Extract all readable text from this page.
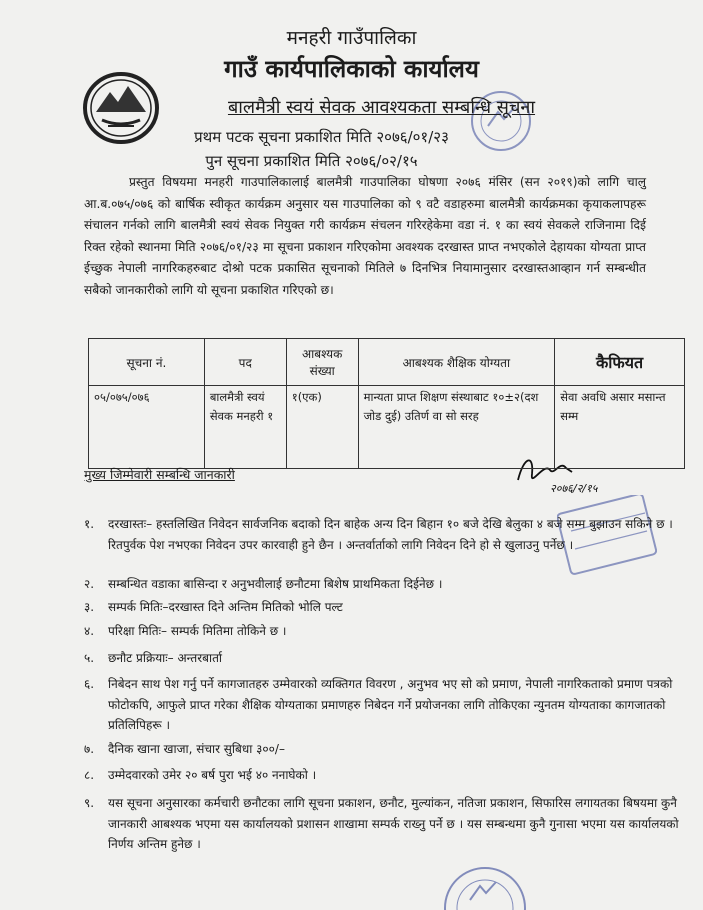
२०७६/२/१५
मनहरी गाउँपालिका
गाउँ कार्यपालिकाको कार्यालय
बालमैत्री स्वयं सेवक आवश्यकता सम्बन्धि सूचना
प्रथम पटक सूचना प्रकाशित मिति २०७६/०१/२३
पुन सूचना प्रकाशित मिति २०७६/०२/१५
प्रस्तुत विषयमा मनहरी गाउपालिकालाई बालमैत्री गाउपालिका घोषणा २०७६ मंसिर (सन २०१९)को लागि चालु आ.ब.०७५/०७६ को बार्षिक स्वीकृत कार्यक्रम अनुसार यस गाउपालिका को ९ वटै वडाहरुमा बालमैत्री कार्यक्रमका कृयाकलापहरू संचालन गर्नको लागि बालमैत्री स्वयं सेवक नियुक्त गरी कार्यक्रम संचलन गरिरहेकेमा वडा नं. १ का स्वयं सेवकले राजिनामा दिई रिक्त रहेको स्थानमा मिति २०७६/०१/२३ मा सूचना प्रकाशन गरिएकोमा अवश्यक दरखास्त प्राप्त नभएकोले देहायका योग्यता प्राप्त ईच्छुक नेपाली नागरिकहरुबाट दोश्रो पटक प्रकासित सूचनाको मितिले ७ दिनभित्र नियामानुसार दरखास्तआव्हान गर्न सम्बन्धीत सबैको जानकारीको लागि यो सूचना प्रकाशित गरिएको छ।
सूचना नं.	पद	आबश्यक संख्या	आबश्यक शैक्षिक योग्यता	कैफियत
०५/०७५/०७६	बालमैत्री स्वयं सेवक मनहरी १	१(एक)	मान्यता प्राप्त शिक्षण संस्थाबाट १०±२(दश जोड दुई) उतिर्ण वा सो सरह	सेवा अवधि असार मसान्त सम्म
मुख्य जिम्मेवारी सम्बन्धि जानकारी
१. दरखास्तः– हस्तलिखित निवेदन सार्वजनिक बदाको दिन बाहेक अन्य दिन बिहान १० बजे देखि बेलुका ४ बजे सम्म बुझाउन सकिने छ । रितपुर्वक पेश नभएका निवेदन उपर कारवाही हुने छैन । अन्तर्वार्ताको लागि निवेदन दिने हो से खुलाउनु पर्नेछ ।
२. सम्बन्धित वडाका बासिन्दा र अनुभवीलाई छनौटमा बिशेष प्राथमिकता दिईनेछ ।
३. सम्पर्क मितिः–दरखास्त दिने अन्तिम मितिको भोलि पल्ट
४. परिक्षा मितिः– सम्पर्क मितिमा तोकिने छ ।
५. छनौट प्रक्रियाः– अन्तरबार्ता
६. निबेदन साथ पेश गर्नु पर्ने कागजातहरु उम्मेवारको व्यक्तिगत विवरण , अनुभव भए सो को प्रमाण, नेपाली नागरिकताको प्रमाण पत्रको फोटोकपि, आफुले प्राप्त गरेका शैक्षिक योग्यताका प्रमाणहरु निबेदन गर्ने प्रयोजनका लागि तोकिएका न्युनतम योग्यताका कागजातको प्रतिलिपिहरू ।
७. दैनिक खाना खाजा, संचार सुबिधा ३००/–
८. उम्मेदवारको उमेर २० बर्ष पुरा भई ४० ननाघेको ।
९. यस सूचना अनुसारका कर्मचारी छनौटका लागि सूचना प्रकाशन, छनौट, मुल्यांकन, नतिजा प्रकाशन, सिफारिस लगायतका बिषयमा कुनै जानकारी आबश्यक भएमा यस कार्यालयको प्रशासन शाखामा सम्पर्क राख्नु पर्ने छ । यस सम्बन्धमा कुनै गुनासा भएमा यस कार्यालयको निर्णय अन्तिम हुनेछ ।
